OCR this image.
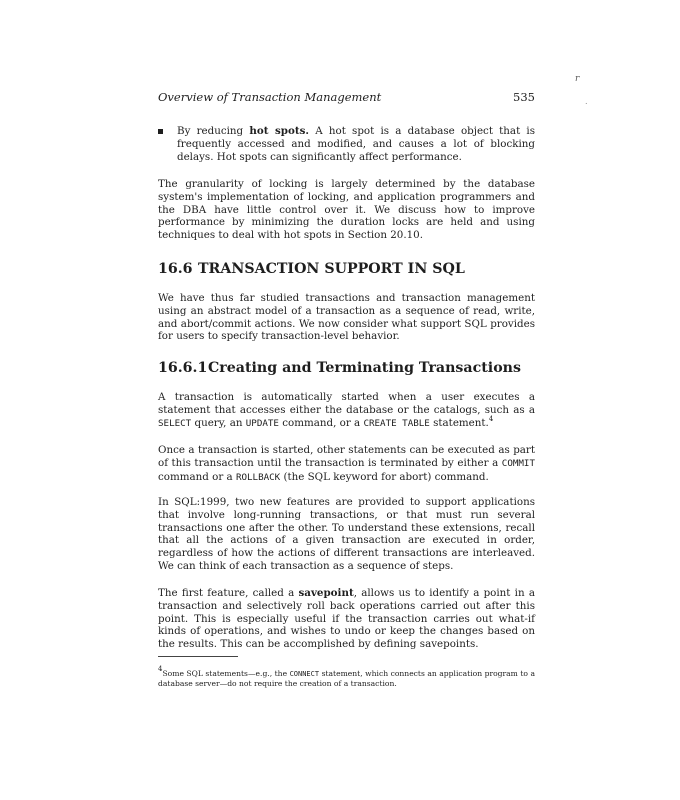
r
.
Overview of Transaction Management	535

By reducing hot spots. A hot spot is a database object that is frequently accessed and modified, and causes a lot of blocking delays. Hot spots can significantly affect performance.

The granularity of locking is largely determined by the database system's implementation of locking, and application programmers and the DBA have little control over it. We discuss how to improve performance by minimizing the duration locks are held and using techniques to deal with hot spots in Section 20.10.

16.6 TRANSACTION SUPPORT IN SQL

We have thus far studied transactions and transaction management using an abstract model of a transaction as a sequence of read, write, and abort/commit actions. We now consider what support SQL provides for users to specify transaction-level behavior.

16.6.1Creating and Terminating Transactions

A transaction is automatically started when a user executes a statement that accesses either the database or the catalogs, such as a SELECT query, an UPDATE command, or a CREATE TABLE statement.$^4$

Once a transaction is started, other statements can be executed as part of this transaction until the transaction is terminated by either a COMMIT command or a ROLLBACK (the SQL keyword for abort) command.

In SQL:1999, two new features are provided to support applications that involve long-running transactions, or that must run several transactions one after the other. To understand these extensions, recall that all the actions of a given transaction are executed in order, regardless of how the actions of different transactions are interleaved. We can think of each transaction as a sequence of steps.

The first feature, called a savepoint, allows us to identify a point in a transaction and selectively roll back operations carried out after this point. This is especially useful if the transaction carries out what-if kinds of operations, and wishes to undo or keep the changes based on the results. This can be accomplished by defining savepoints.

$^4$Some SQL statements—e.g., the CONNECT statement, which connects an application program to a database server—do not require the creation of a transaction.
